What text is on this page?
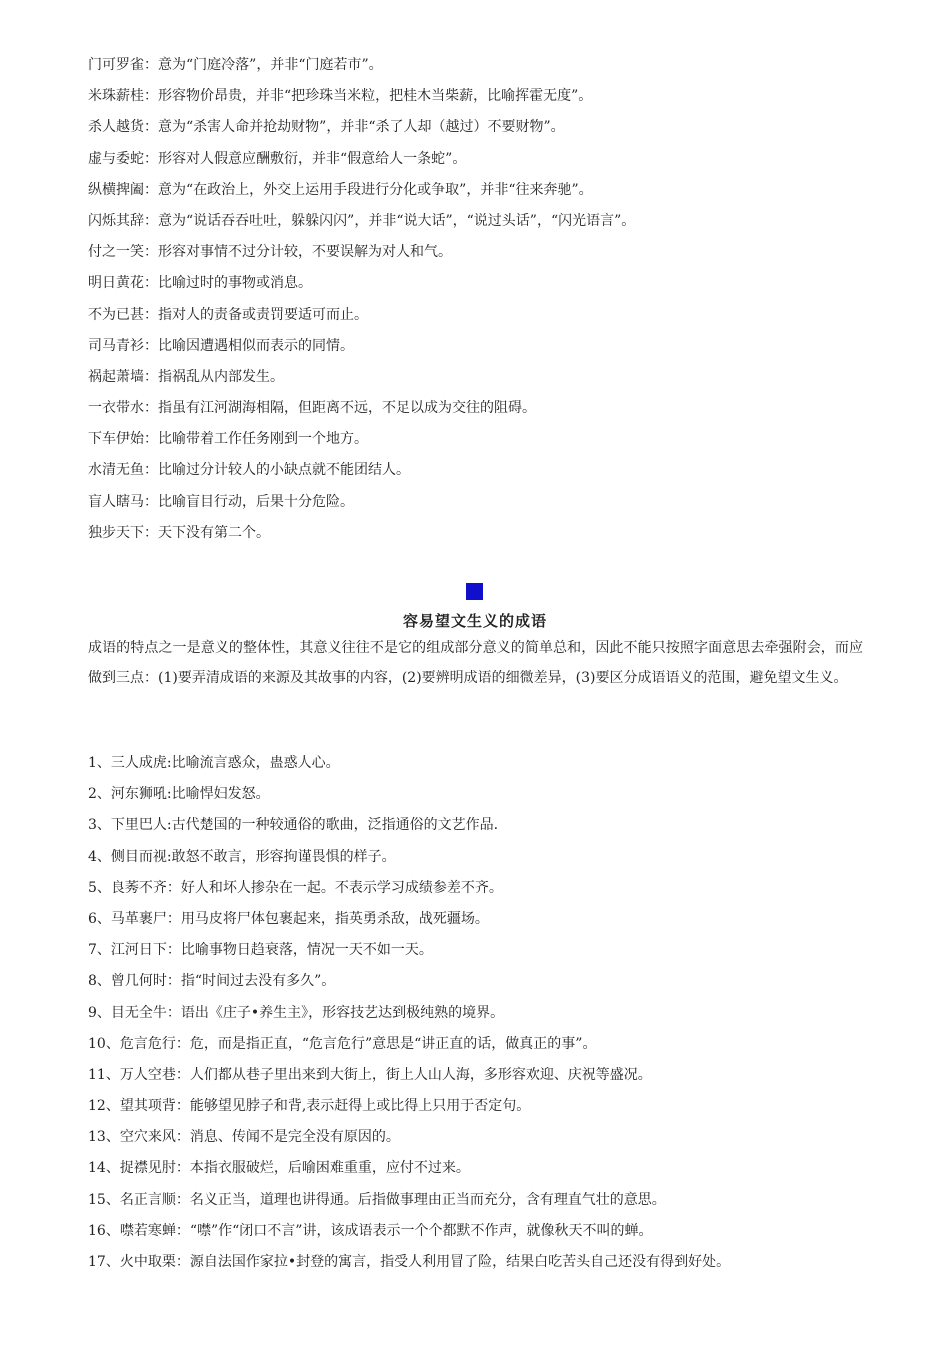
门可罗雀：意为“门庭冷落”，并非“门庭若市”。
米珠薪桂：形容物价昂贵，并非“把珍珠当米粒，把桂木当柴薪，比喻挥霍无度”。
杀人越货：意为“杀害人命并抢劫财物”，并非“杀了人却（越过）不要财物”。
虚与委蛇：形容对人假意应酬敷衍，并非“假意给人一条蛇”。
纵横捭阖：意为“在政治上，外交上运用手段进行分化或争取”，并非“往来奔驰”。
闪烁其辞：意为“说话吞吞吐吐，躲躲闪闪”，并非“说大话”，“说过头话”，“闪光语言”。
付之一笑：形容对事情不过分计较，不要误解为对人和气。
明日黄花：比喻过时的事物或消息。
不为已甚：指对人的责备或责罚要适可而止。
司马青衫：比喻因遭遇相似而表示的同情。
祸起萧墙：指祸乱从内部发生。
一衣带水：指虽有江河湖海相隔，但距离不远，不足以成为交往的阻碍。
下车伊始：比喻带着工作任务刚到一个地方。
水清无鱼：比喻过分计较人的小缺点就不能团结人。
盲人瞎马：比喻盲目行动，后果十分危险。
独步天下：天下没有第二个。
容易望文生义的成语
成语的特点之一是意义的整体性，其意义往往不是它的组成部分意义的简单总和，因此不能只按照字面意思去牵强附会，而应做到三点：(1)要弄清成语的来源及其故事的内容，(2)要辨明成语的细微差异，(3)要区分成语语义的范围，避免望文生义。
1、三人成虎:比喻流言惑众，蛊惑人心。
2、河东狮吼:比喻悍妇发怒。
3、下里巴人:古代楚国的一种较通俗的歌曲，泛指通俗的文艺作品.
4、侧目而视:敢怒不敢言，形容拘谨畏惧的样子。
5、良莠不齐：好人和坏人掺杂在一起。不表示学习成绩参差不齐。
6、马革裹尸：用马皮将尸体包裹起来，指英勇杀敌，战死疆场。
7、江河日下：比喻事物日趋衰落，情况一天不如一天。
8、曾几何时：指“时间过去没有多久”。
9、目无全牛：语出《庄子•养生主》，形容技艺达到极纯熟的境界。
10、危言危行：危，而是指正直，“危言危行”意思是“讲正直的话，做真正的事”。
11、万人空巷：人们都从巷子里出来到大街上，街上人山人海，多形容欢迎、庆祝等盛况。
12、望其项背：能够望见脖子和背,表示赶得上或比得上只用于否定句。
13、空穴来风：消息、传闻不是完全没有原因的。
14、捉襟见肘：本指衣服破烂，后喻困难重重，应付不过来。
15、名正言顺：名义正当，道理也讲得通。后指做事理由正当而充分，含有理直气壮的意思。
16、噤若寒蝉：“噤”作“闭口不言”讲，该成语表示一个个都默不作声，就像秋天不叫的蝉。
17、火中取栗：源自法国作家拉•封登的寓言，指受人利用冒了险，结果白吃苦头自己还没有得到好处。
